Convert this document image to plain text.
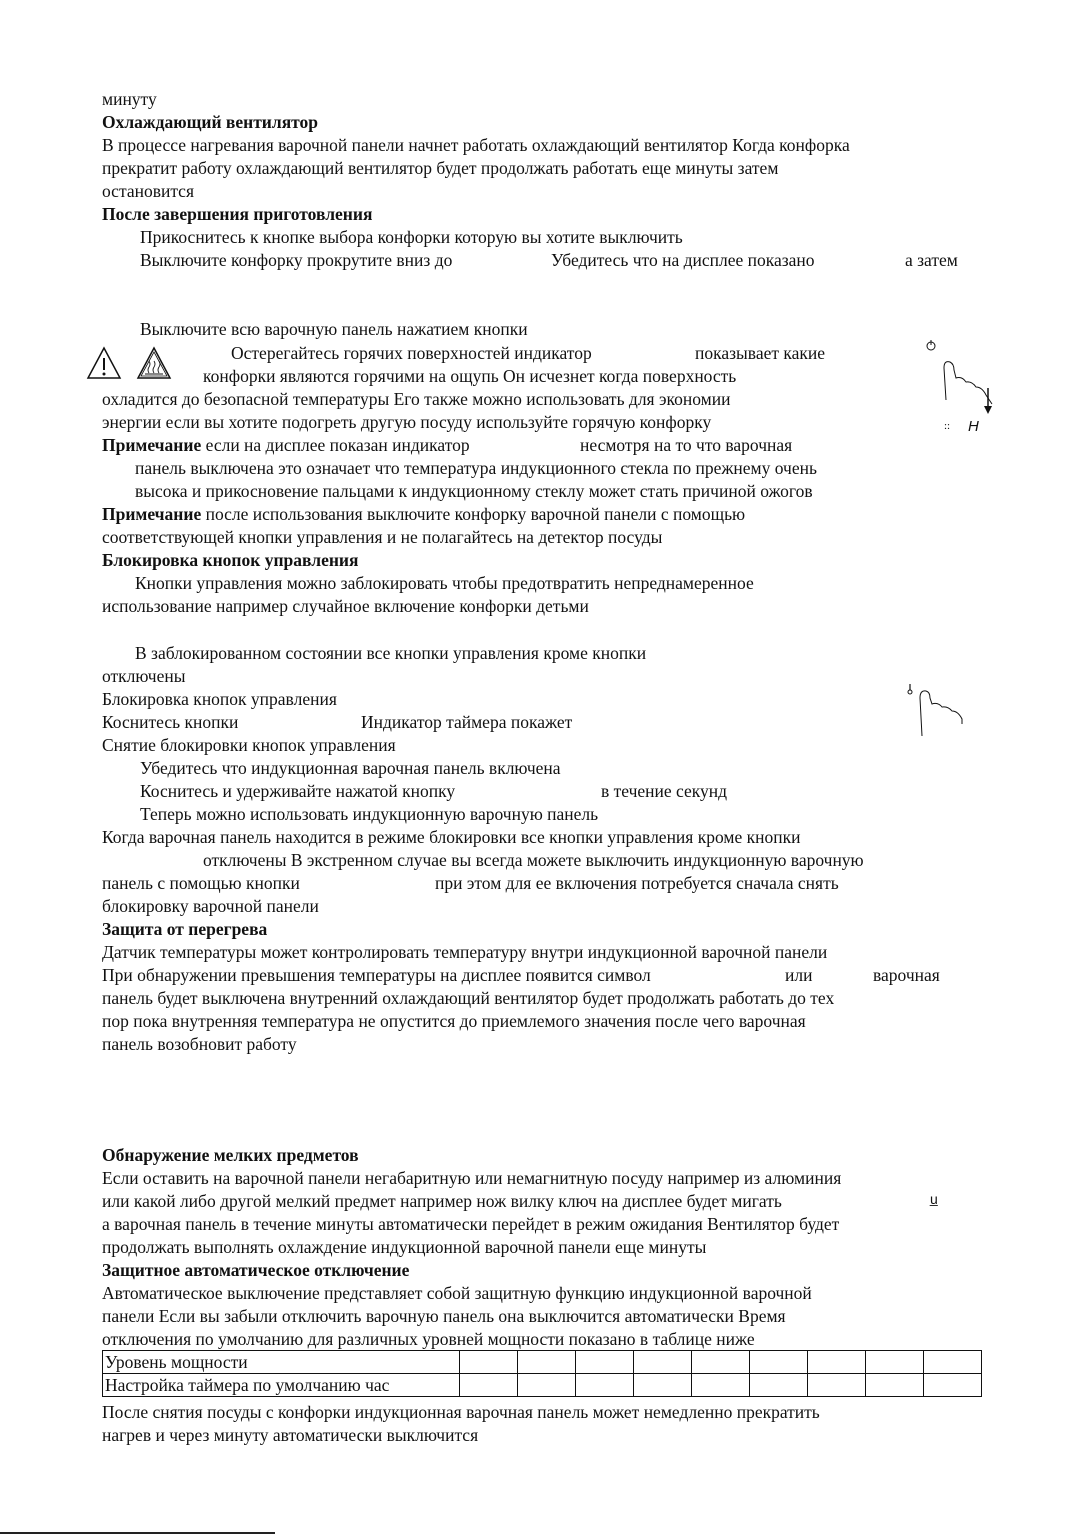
минуту
Охлаждающий вентилятор
В процессе нагревания варочной панели начнет работать охлаждающий вентилятор Когда конфорка
прекратит работу охлаждающий вентилятор будет продолжать работать еще минуты затем
остановится
После завершения приготовления
Прикоснитесь к кнопке выбора конфорки которую вы хотите выключить
Выключите конфорку прокрутите вниз до	Убедитесь что на дисплее показано	а затем
Выключите всю варочную панель нажатием кнопки
Остерегайтесь горячих поверхностей индикатор	показывает какие
конфорки являются горячими на ощупь Он исчезнет когда поверхность
охладится до безопасной температуры Его также можно использовать для экономии
энергии если вы хотите подогреть другую посуду используйте горячую конфорку
Примечание если на дисплее показан индикатор	несмотря на то что варочная
панель выключена это означает что температура индукционного стекла по прежнему очень
высока и прикосновение пальцами к индукционному стеклу может стать причиной ожогов
Примечание после использования выключите конфорку варочной панели с помощью
соответствующей кнопки управления и не полагайтесь на детектор посуды
Блокировка кнопок управления
Кнопки управления можно заблокировать чтобы предотвратить непреднамеренное
использование например случайное включение конфорки детьми
В заблокированном состоянии все кнопки управления кроме кнопки
отключены
Блокировка кнопок управления
Коснитесь кнопки	Индикатор таймера покажет
Снятие блокировки кнопок управления
Убедитесь что индукционная варочная панель включена
Коснитесь и удерживайте нажатой кнопку	в течение секунд
Теперь можно использовать индукционную варочную панель
Когда варочная панель находится в режиме блокировки все кнопки управления кроме кнопки
отключены В экстренном случае вы всегда можете выключить индукционную варочную
панель с помощью кнопки	при этом для ее включения потребуется сначала снять
блокировку варочной панели
Защита от перегрева
Датчик температуры может контролировать температуру внутри индукционной варочной панели
При обнаружении превышения температуры на дисплее появится символ	или	варочная
панель будет выключена внутренний охлаждающий вентилятор будет продолжать работать до тех
пор пока внутренняя температура не опустится до приемлемого значения после чего варочная
панель возобновит работу
Обнаружение мелких предметов
Если оставить на варочной панели негабаритную или немагнитную посуду например из алюминия
или какой либо другой мелкий предмет например нож вилку ключ на дисплее будет мигать
а варочная панель в течение минуты автоматически перейдет в режим ожидания Вентилятор будет
продолжать выполнять охлаждение индукционной варочной панели еще минуты
Защитное автоматическое отключение
Автоматическое выключение представляет собой защитную функцию индукционной варочной
панели Если вы забыли отключить варочную панель она выключится автоматически Время
отключения по умолчанию для различных уровней мощности показано в таблице ниже
Уровень мощности									
Настройка таймера по умолчанию час									
После снятия посуды с конфорки индукционная варочная панель может немедленно прекратить
нагрев и через минуту автоматически выключится
:: H
u̲
